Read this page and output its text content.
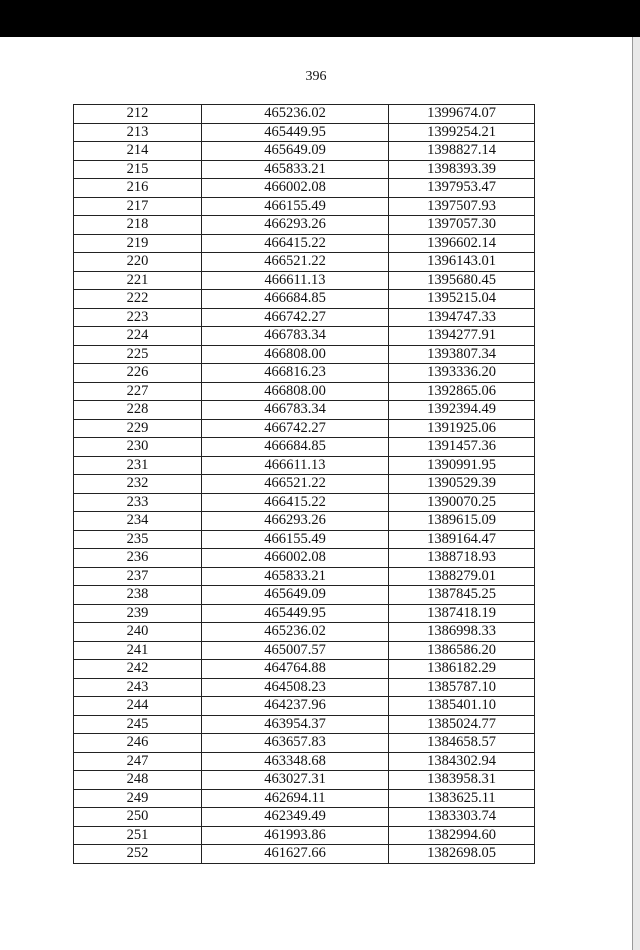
396
212	465236.02	1399674.07
213	465449.95	1399254.21
214	465649.09	1398827.14
215	465833.21	1398393.39
216	466002.08	1397953.47
217	466155.49	1397507.93
218	466293.26	1397057.30
219	466415.22	1396602.14
220	466521.22	1396143.01
221	466611.13	1395680.45
222	466684.85	1395215.04
223	466742.27	1394747.33
224	466783.34	1394277.91
225	466808.00	1393807.34
226	466816.23	1393336.20
227	466808.00	1392865.06
228	466783.34	1392394.49
229	466742.27	1391925.06
230	466684.85	1391457.36
231	466611.13	1390991.95
232	466521.22	1390529.39
233	466415.22	1390070.25
234	466293.26	1389615.09
235	466155.49	1389164.47
236	466002.08	1388718.93
237	465833.21	1388279.01
238	465649.09	1387845.25
239	465449.95	1387418.19
240	465236.02	1386998.33
241	465007.57	1386586.20
242	464764.88	1386182.29
243	464508.23	1385787.10
244	464237.96	1385401.10
245	463954.37	1385024.77
246	463657.83	1384658.57
247	463348.68	1384302.94
248	463027.31	1383958.31
249	462694.11	1383625.11
250	462349.49	1383303.74
251	461993.86	1382994.60
252	461627.66	1382698.05
